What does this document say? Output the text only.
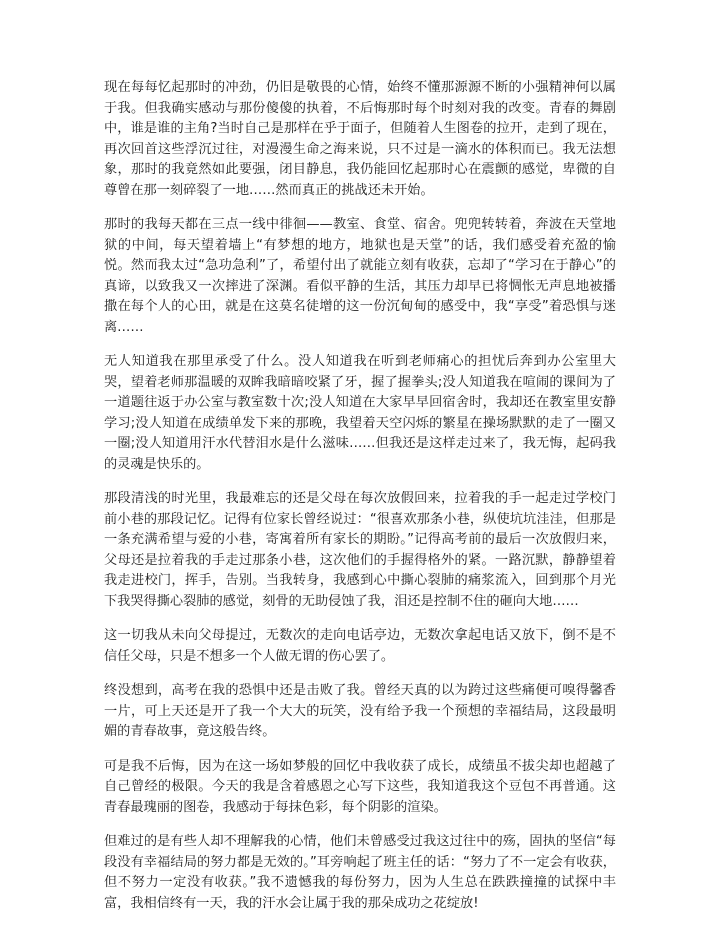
现在每每忆起那时的冲劲，仍旧是敬畏的心情，始终不懂那源源不断的小强精神何以属于我。但我确实感动与那份傻傻的执着，不后悔那时每个时刻对我的改变。青春的舞剧中，谁是谁的主角?当时自己是那样在乎于面子，但随着人生图卷的拉开，走到了现在，再次回首这些浮沉过往，对漫漫生命之海来说，只不过是一滴水的体积而已。我无法想象，那时的我竟然如此要强，闭目静息，我仍能回忆起那时心在震颤的感觉，卑微的自尊曾在那一刻碎裂了一地……然而真正的挑战还未开始。

那时的我每天都在三点一线中徘徊——教室、食堂、宿舍。兜兜转转着，奔波在天堂地狱的中间，每天望着墙上“有梦想的地方，地狱也是天堂”的话，我们感受着充盈的愉悦。然而我太过“急功急利”了，希望付出了就能立刻有收获，忘却了“学习在于静心”的真谛，以致我又一次摔进了深渊。看似平静的生活，其压力却早已将惆怅无声息地被播撒在每个人的心田，就是在这莫名徒增的这一份沉甸甸的感受中，我“享受”着恐惧与迷离……

无人知道我在那里承受了什么。没人知道我在听到老师痛心的担忧后奔到办公室里大哭，望着老师那温暖的双眸我暗暗咬紧了牙，握了握拳头;没人知道我在喧闹的课间为了一道题往返于办公室与教室数十次;没人知道在大家早早回宿舍时，我却还在教室里安静学习;没人知道在成绩单发下来的那晚，我望着天空闪烁的繁星在操场默默的走了一圈又一圈;没人知道用汗水代替泪水是什么滋味……但我还是这样走过来了，我无悔，起码我的灵魂是快乐的。

那段清浅的时光里，我最难忘的还是父母在每次放假回来，拉着我的手一起走过学校门前小巷的那段记忆。记得有位家长曾经说过：“很喜欢那条小巷，纵使坑坑洼洼，但那是一条充满希望与爱的小巷，寄寓着所有家长的期盼。”记得高考前的最后一次放假归来，父母还是拉着我的手走过那条小巷，这次他们的手握得格外的紧。一路沉默，静静望着我走进校门，挥手，告别。当我转身，我感到心中撕心裂肺的痛浆流入，回到那个月光下我哭得撕心裂肺的感觉，刻骨的无助侵蚀了我，泪还是控制不住的砸向大地……

这一切我从未向父母提过，无数次的走向电话亭边，无数次拿起电话又放下，倒不是不信任父母，只是不想多一个人做无谓的伤心罢了。

终没想到，高考在我的恐惧中还是击败了我。曾经天真的以为跨过这些痛便可嗅得馨香一片，可上天还是开了我一个大大的玩笑，没有给予我一个预想的幸福结局，这段最明媚的青春故事，竟这般告终。

可是我不后悔，因为在这一场如梦般的回忆中我收获了成长，成绩虽不拔尖却也超越了自己曾经的极限。今天的我是含着感恩之心写下这些，我知道我这个豆包不再普通。这青春最瑰丽的图卷，我感动于每抹色彩，每个阴影的渲染。

但难过的是有些人却不理解我的心情，他们未曾感受过我这过往中的殇，固执的坚信“每段没有幸福结局的努力都是无效的。”耳旁响起了班主任的话：“努力了不一定会有收获，但不努力一定没有收获。”我不遗憾我的每份努力，因为人生总在跌跌撞撞的试探中丰富，我相信终有一天，我的汗水会让属于我的那朵成功之花绽放!
